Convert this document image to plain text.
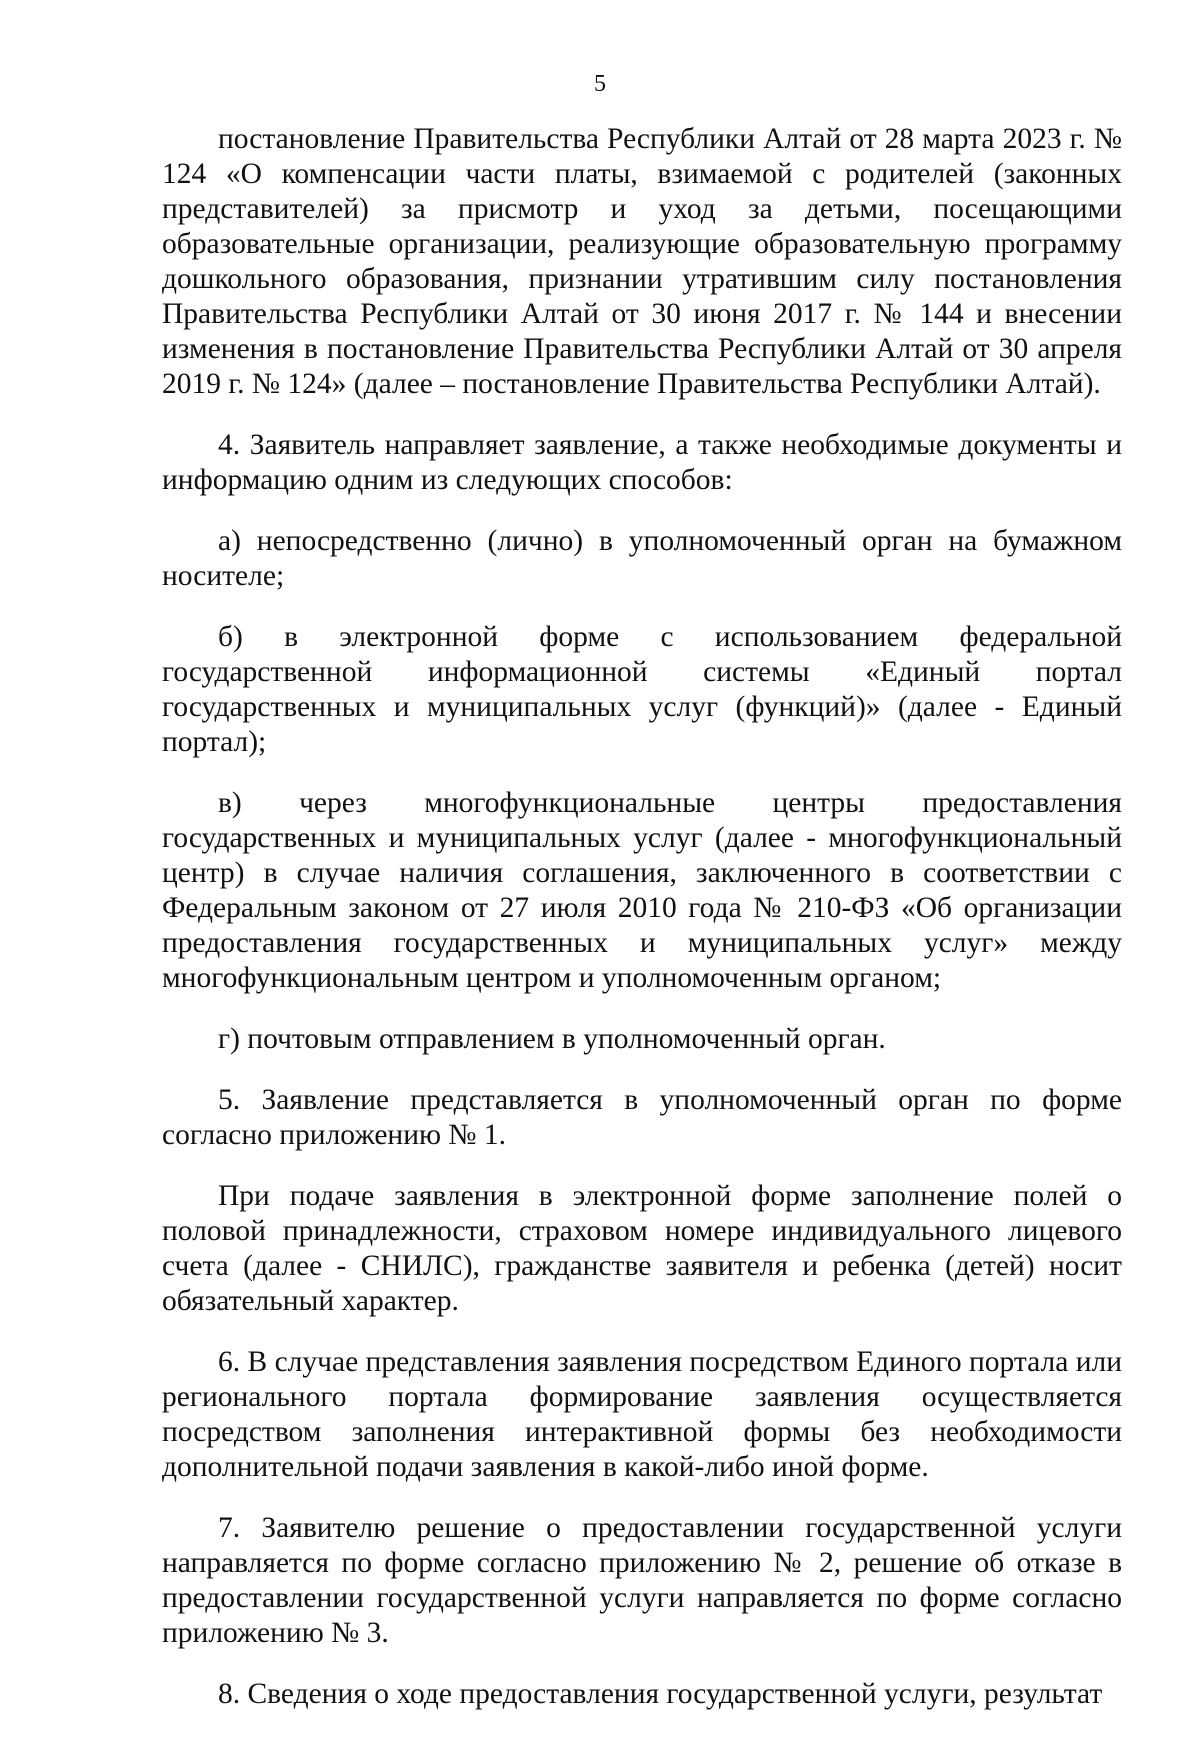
5

постановление Правительства Республики Алтай от 28 марта 2023 г. № 124 «О компенсации части платы, взимаемой с родителей (законных представителей) за присмотр и уход за детьми, посещающими образовательные организации, реализующие образовательную программу дошкольного образования, признании утратившим силу постановления Правительства Республики Алтай от 30 июня 2017 г. № 144 и внесении изменения в постановление Правительства Республики Алтай от 30 апреля 2019 г. № 124» (далее – постановление Правительства Республики Алтай).

4. Заявитель направляет заявление, а также необходимые документы и информацию одним из следующих способов:

а) непосредственно (лично) в уполномоченный орган на бумажном носителе;

б) в электронной форме с использованием федеральной государственной информационной системы «Единый портал государственных и муниципальных услуг (функций)» (далее - Единый портал);

в) через многофункциональные центры предоставления государственных и муниципальных услуг (далее - многофункциональный центр) в случае наличия соглашения, заключенного в соответствии с Федеральным законом от 27 июля 2010 года № 210-ФЗ «Об организации предоставления государственных и муниципальных услуг» между многофункциональным центром и уполномоченным органом;

г) почтовым отправлением в уполномоченный орган.

5. Заявление представляется в уполномоченный орган по форме согласно приложению № 1.

При подаче заявления в электронной форме заполнение полей о половой принадлежности, страховом номере индивидуального лицевого счета (далее - СНИЛС), гражданстве заявителя и ребенка (детей) носит обязательный характер.

6. В случае представления заявления посредством Единого портала или регионального портала формирование заявления осуществляется посредством заполнения интерактивной формы без необходимости дополнительной подачи заявления в какой-либо иной форме.

7. Заявителю решение о предоставлении государственной услуги направляется по форме согласно приложению № 2, решение об отказе в предоставлении государственной услуги направляется по форме согласно приложению № 3.

8. Сведения о ходе предоставления государственной услуги, результат
